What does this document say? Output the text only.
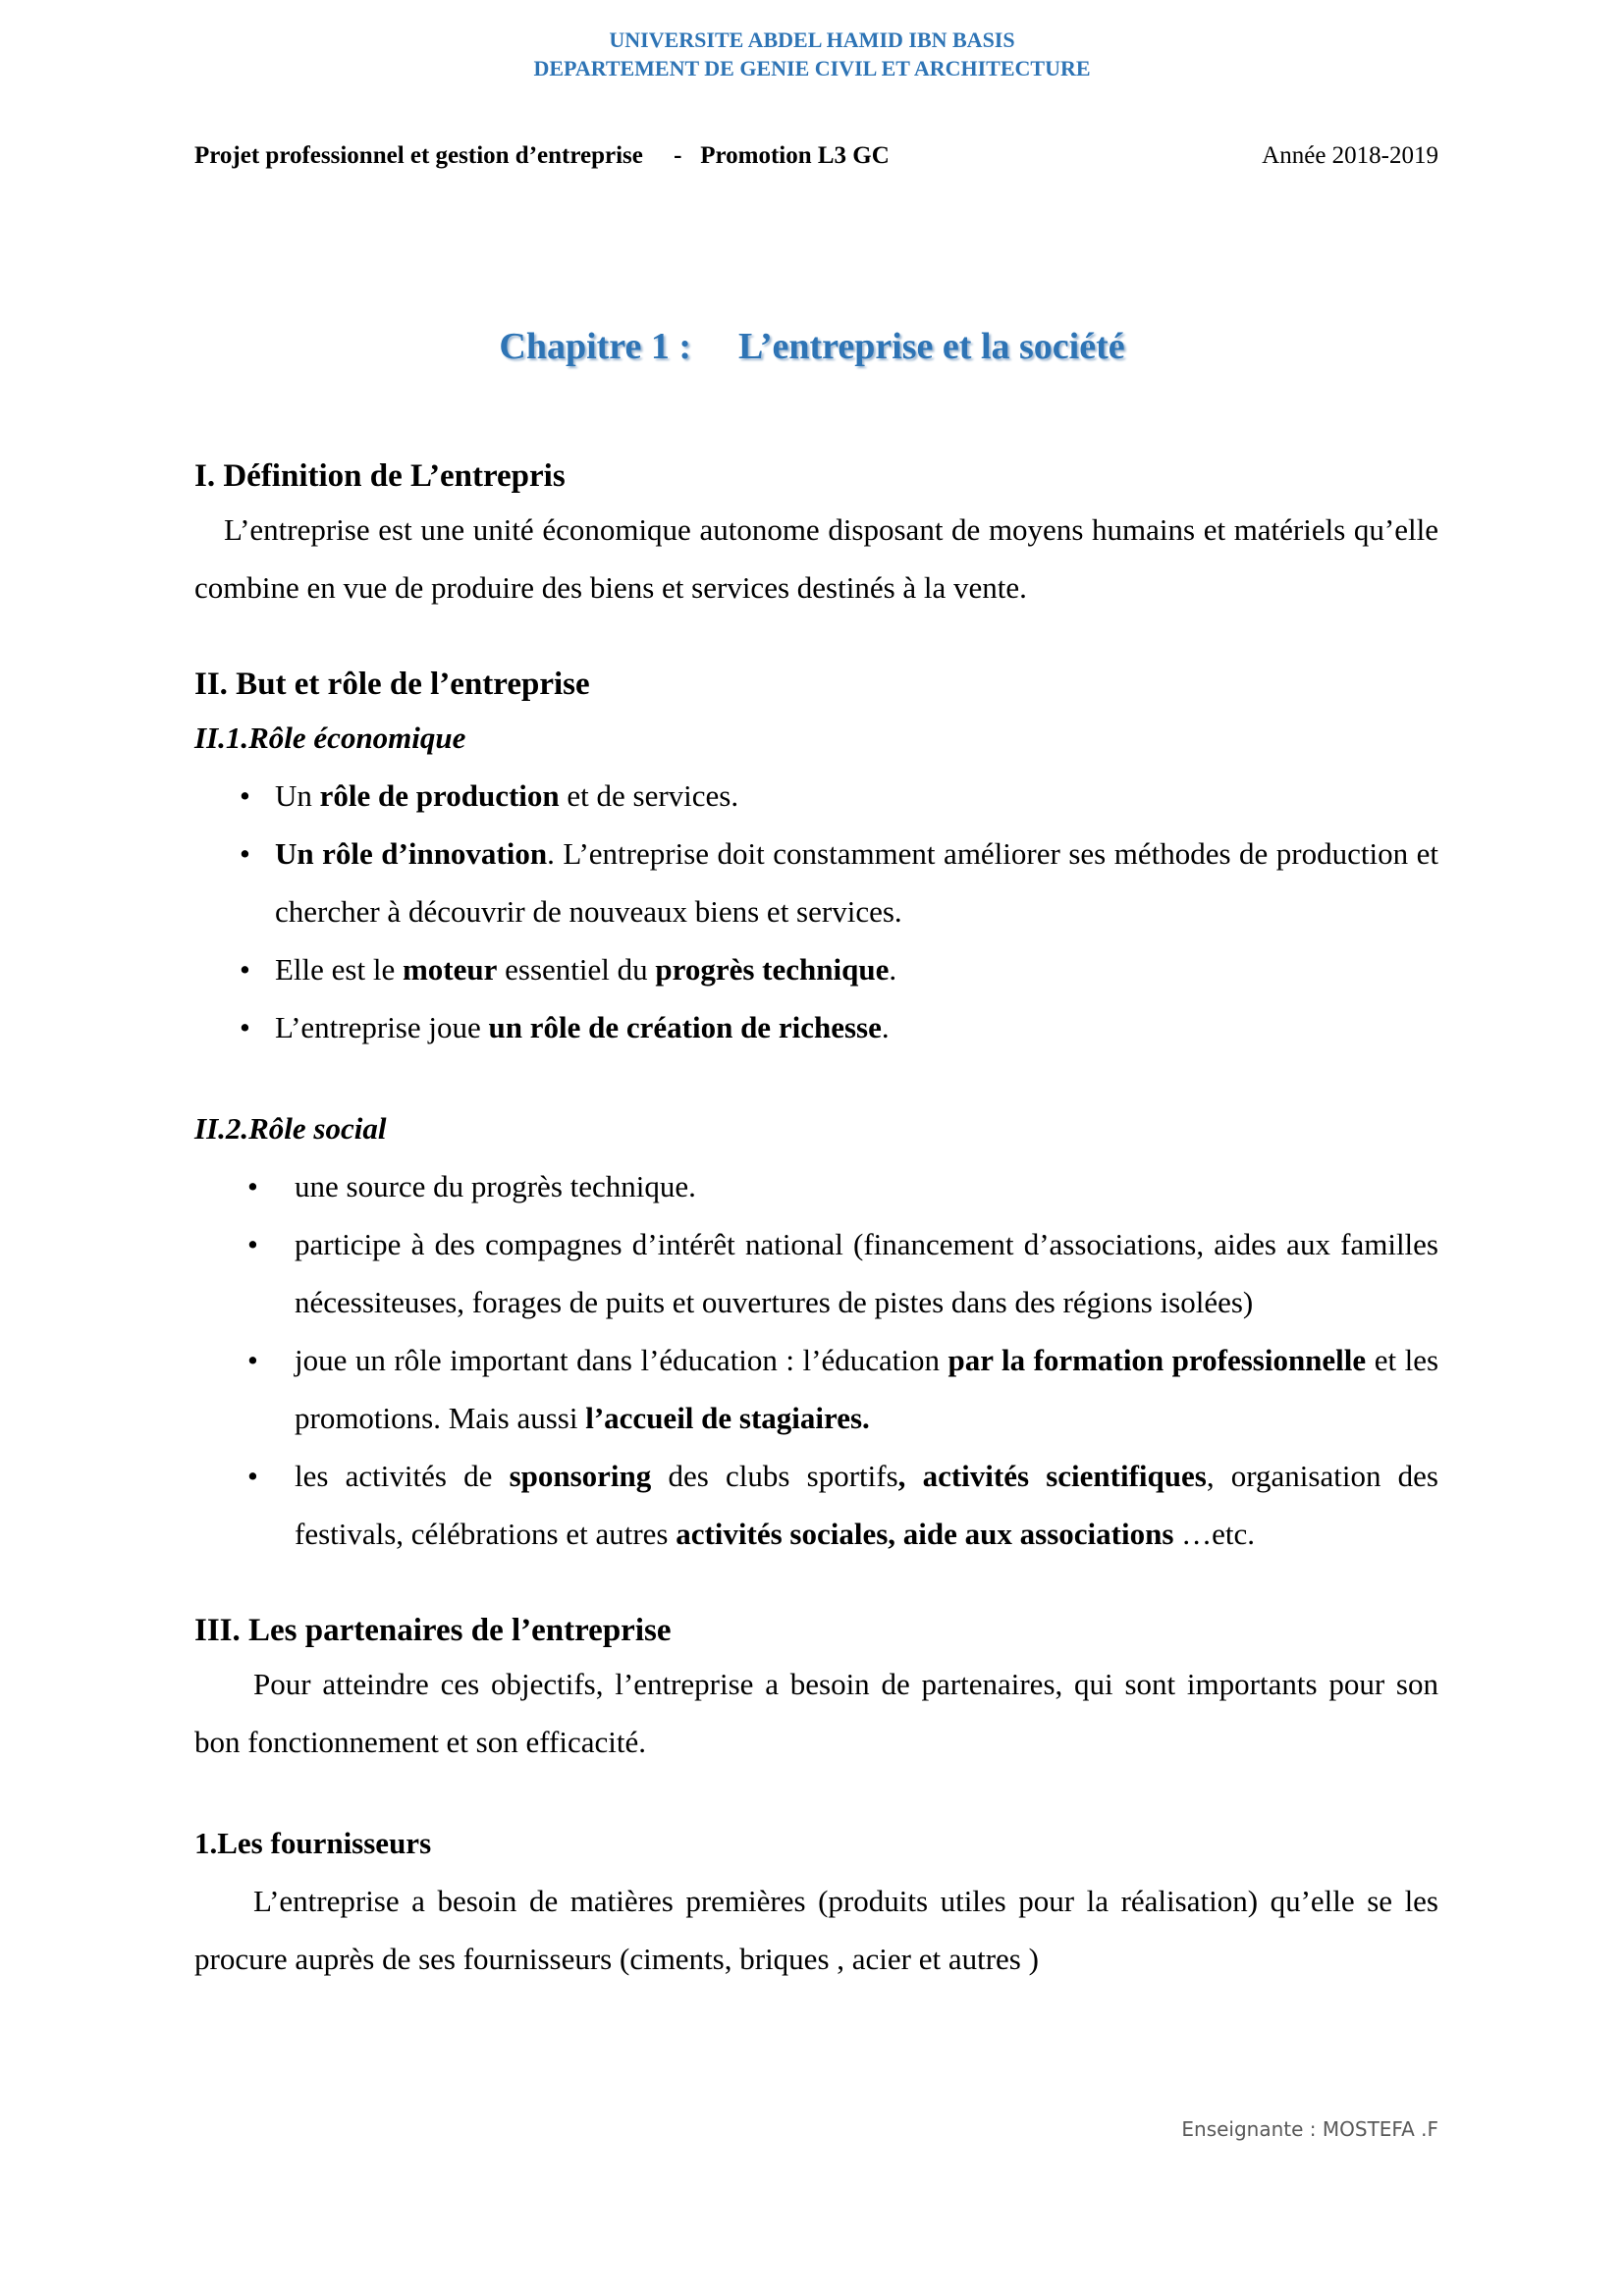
UNIVERSITE ABDEL HAMID IBN BASIS
DEPARTEMENT DE GENIE CIVIL ET ARCHITECTURE
Projet professionnel et gestion d’entreprise     -   Promotion L3 GC	Année 2018-2019
Chapitre 1 : L’entreprise et la société
I. Définition de L’entrepris

L’entreprise est une unité économique autonome disposant de moyens humains et matériels qu’elle combine en vue de produire des biens et services destinés à la vente.

II. But et rôle de l’entreprise
II.1.Rôle économique
• Un rôle de production et de services.
• Un rôle d’innovation. L’entreprise doit constamment améliorer ses méthodes de production et chercher à découvrir de nouveaux biens et services.
• Elle est le moteur essentiel du progrès technique.
• L’entreprise joue un rôle de création de richesse.
II.2.Rôle social
• une source du progrès technique.
• participe à des compagnes d’intérêt national (financement d’associations, aides aux familles nécessiteuses, forages de puits et ouvertures de pistes dans des régions isolées)
• joue un rôle important dans l’éducation : l’éducation par la formation professionnelle et les promotions. Mais aussi l’accueil de stagiaires.
• les activités de sponsoring des clubs sportifs, activités scientifiques, organisation des festivals, célébrations et autres activités sociales, aide aux associations …etc.
III. Les partenaires de l’entreprise

Pour atteindre ces objectifs, l’entreprise a besoin de partenaires, qui sont importants pour son bon fonctionnement et son efficacité.

1.Les fournisseurs

L’entreprise a besoin de matières premières (produits utiles pour la réalisation) qu’elle se les procure auprès de ses fournisseurs (ciments, briques , acier et autres )

Enseignante : MOSTEFA .F
